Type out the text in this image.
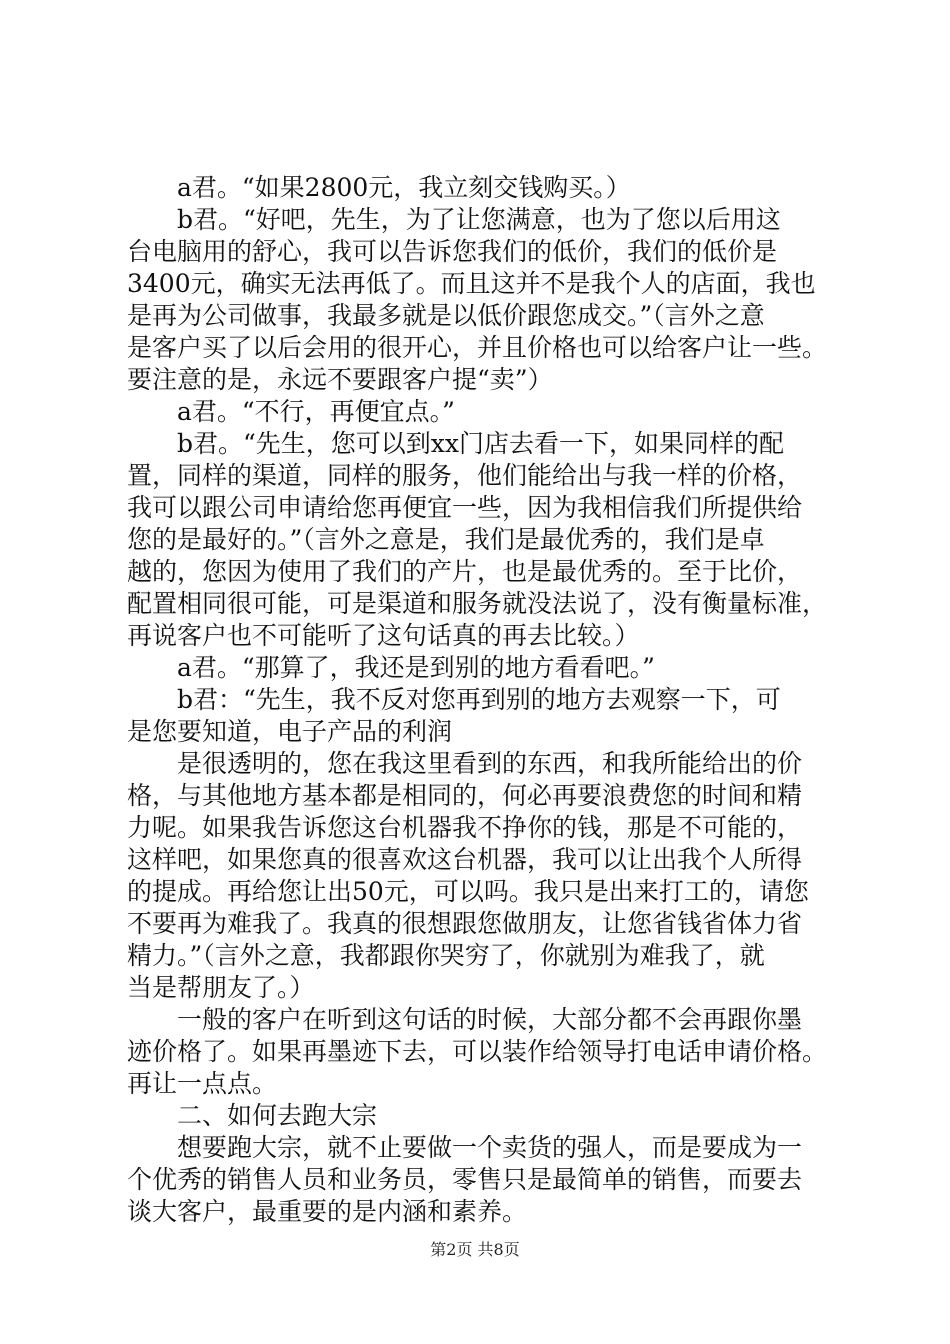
a君。“如果2800元，我立刻交钱购买。）
b君。“好吧，先生，为了让您满意，也为了您以后用这
台电脑用的舒心，我可以告诉您我们的低价，我们的低价是
3400元，确实无法再低了。而且这并不是我个人的店面，我也
是再为公司做事，我最多就是以低价跟您成交。”（言外之意
是客户买了以后会用的很开心，并且价格也可以给客户让一些。
要注意的是，永远不要跟客户提“卖”）
a君。“不行，再便宜点。”
b君。“先生，您可以到xx门店去看一下，如果同样的配
置，同样的渠道，同样的服务，他们能给出与我一样的价格，
我可以跟公司申请给您再便宜一些，因为我相信我们所提供给
您的是最好的。”（言外之意是，我们是最优秀的，我们是卓
越的，您因为使用了我们的产片，也是最优秀的。至于比价，
配置相同很可能，可是渠道和服务就没法说了，没有衡量标准，
再说客户也不可能听了这句话真的再去比较。）
a君。“那算了，我还是到别的地方看看吧。”
b君：“先生，我不反对您再到别的地方去观察一下，可
是您要知道，电子产品的利润
是很透明的，您在我这里看到的东西，和我所能给出的价
格，与其他地方基本都是相同的，何必再要浪费您的时间和精
力呢。如果我告诉您这台机器我不挣你的钱，那是不可能的，
这样吧，如果您真的很喜欢这台机器，我可以让出我个人所得
的提成。再给您让出50元，可以吗。我只是出来打工的，请您
不要再为难我了。我真的很想跟您做朋友，让您省钱省体力省
精力。”（言外之意，我都跟你哭穷了，你就别为难我了，就
当是帮朋友了。）
一般的客户在听到这句话的时候，大部分都不会再跟你墨
迹价格了。如果再墨迹下去，可以装作给领导打电话申请价格。
再让一点点。
二、如何去跑大宗
想要跑大宗，就不止要做一个卖货的强人，而是要成为一
个优秀的销售人员和业务员，零售只是最简单的销售，而要去
谈大客户，最重要的是内涵和素养。
第2页 共8页
